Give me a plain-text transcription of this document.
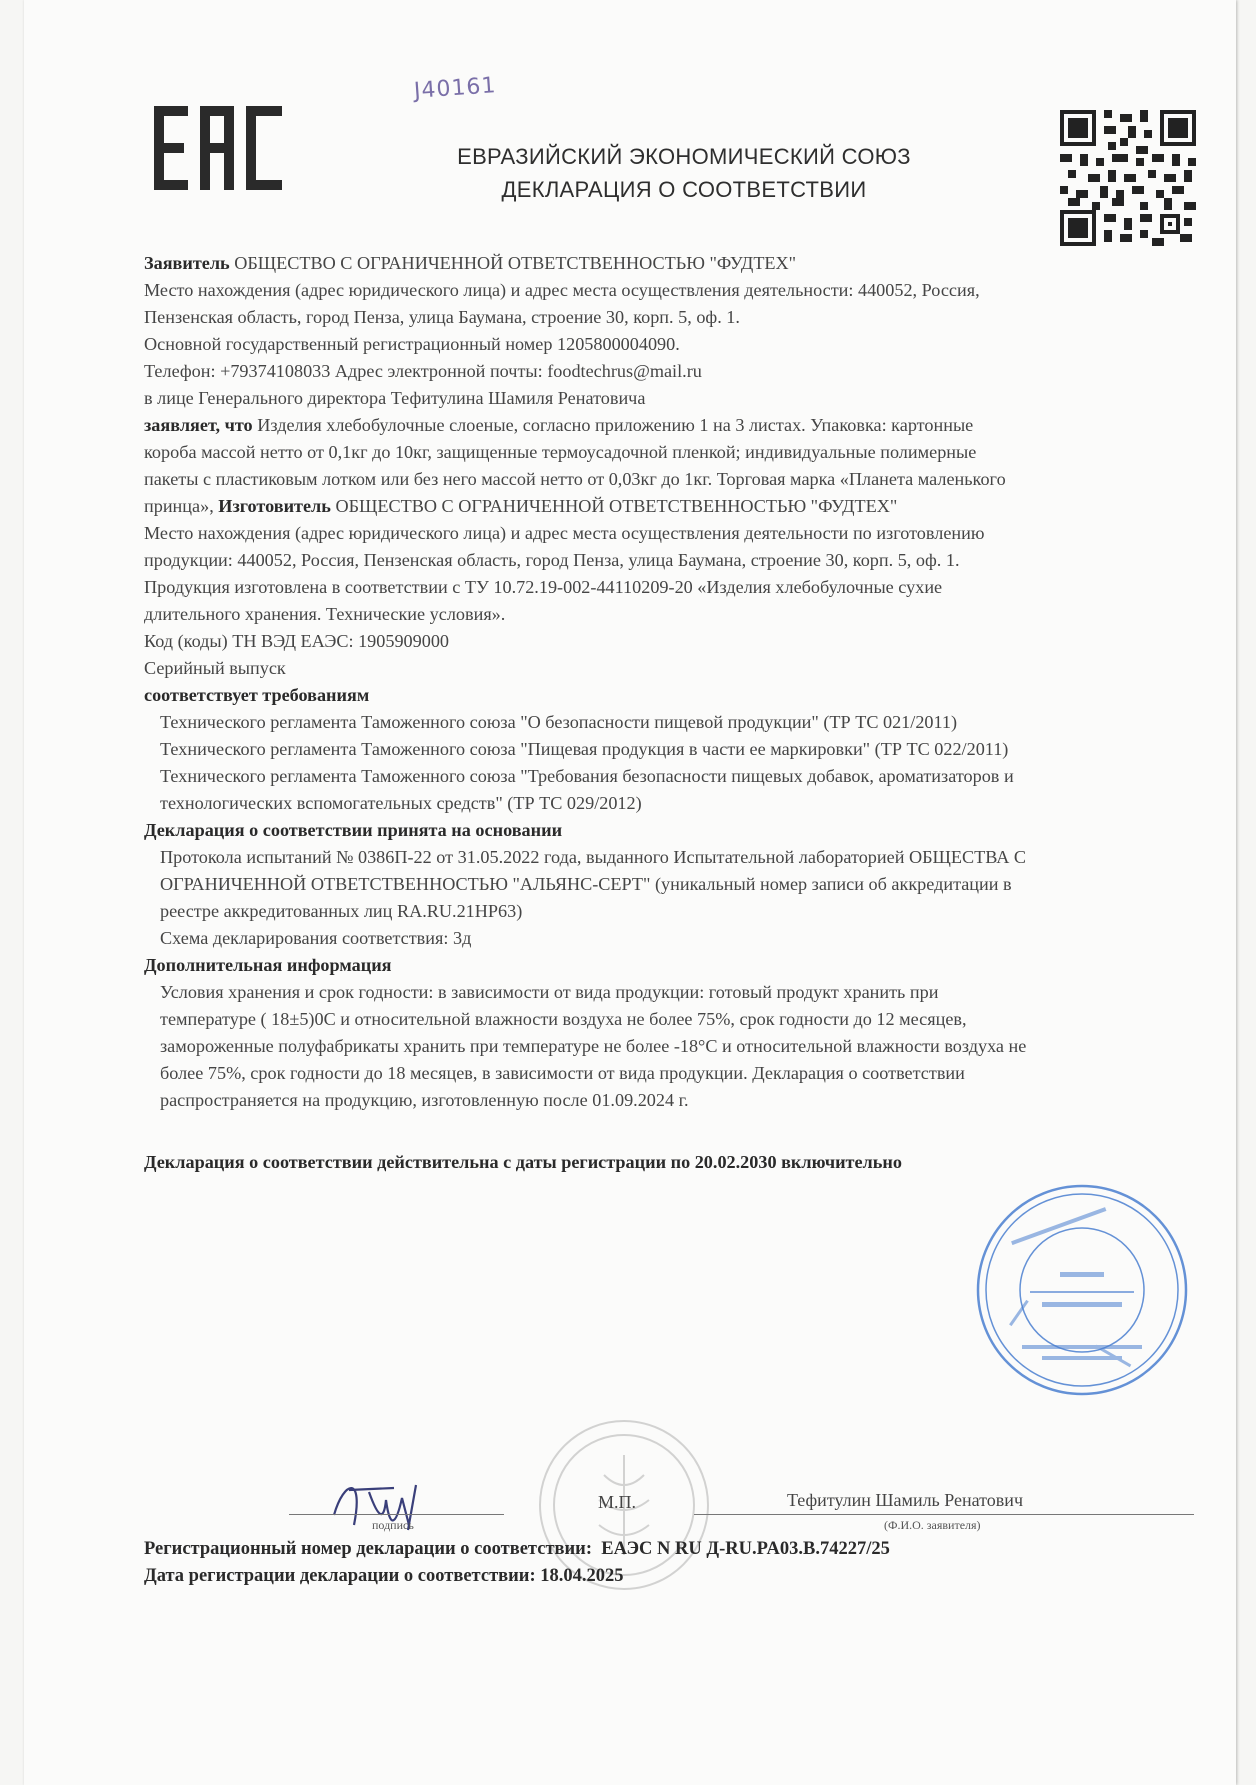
J40161
ЕВРАЗИЙСКИЙ ЭКОНОМИЧЕСКИЙ СОЮЗ
ДЕКЛАРАЦИЯ О СООТВЕТСТВИИ

Заявитель ОБЩЕСТВО С ОГРАНИЧЕННОЙ ОТВЕТСТВЕННОСТЬЮ "ФУДТЕХ"

Место нахождения (адрес юридического лица) и адрес места осуществления деятельности: 440052, Россия,

Пензенская область, город Пенза, улица Баумана, строение 30, корп. 5, оф. 1.

Основной государственный регистрационный номер 1205800004090.

Телефон: +79374108033 Адрес электронной почты: foodtechrus@mail.ru

в лице Генерального директора Тефитулина Шамиля Ренатовича

заявляет, что Изделия хлебобулочные слоеные, согласно приложению 1 на 3 листах. Упаковка: картонные

короба массой нетто от 0,1кг до 10кг, защищенные термоусадочной пленкой; индивидуальные полимерные

пакеты с пластиковым лотком или без него массой нетто от 0,03кг до 1кг. Торговая марка «Планета маленького

принца», Изготовитель ОБЩЕСТВО С ОГРАНИЧЕННОЙ ОТВЕТСТВЕННОСТЬЮ "ФУДТЕХ"

Место нахождения (адрес юридического лица) и адрес места осуществления деятельности по изготовлению

продукции: 440052, Россия, Пензенская область, город Пенза, улица Баумана, строение 30, корп. 5, оф. 1.

Продукция изготовлена в соответствии с ТУ 10.72.19-002-44110209-20 «Изделия хлебобулочные сухие

длительного хранения. Технические условия».

Код (коды) ТН ВЭД ЕАЭС: 1905909000

Серийный выпуск

соответствует требованиям

Технического регламента Таможенного союза "О безопасности пищевой продукции" (ТР ТС 021/2011)

Технического регламента Таможенного союза "Пищевая продукция в части ее маркировки" (ТР ТС 022/2011)

Технического регламента Таможенного союза "Требования безопасности пищевых добавок, ароматизаторов и

технологических вспомогательных средств" (ТР ТС 029/2012)

Декларация о соответствии принята на основании

Протокола испытаний № 0386П-22 от 31.05.2022 года, выданного Испытательной лабораторией ОБЩЕСТВА С

ОГРАНИЧЕННОЙ ОТВЕТСТВЕННОСТЬЮ "АЛЬЯНС-СЕРТ" (уникальный номер записи об аккредитации в

реестре аккредитованных лиц RA.RU.21НР63)

Схема декларирования соответствия: 3д

Дополнительная информация

Условия хранения и срок годности: в зависимости от вида продукции: готовый продукт хранить при

температуре ( 18±5)0С и относительной влажности воздуха не более 75%, срок годности до 12 месяцев,

замороженные полуфабрикаты хранить при температуре не более -18°С и относительной влажности воздуха не

более 75%, срок годности до 18 месяцев, в зависимости от вида продукции. Декларация о соответствии

распространяется на продукцию, изготовленную после 01.09.2024 г.

Декларация о соответствии действительна с даты регистрации по 20.02.2030 включительно

подпись
М.П.	Тефитулин Шамиль Ренатович
(Ф.И.О. заявителя)
Регистрационный номер декларации о соответствии: ЕАЭС N RU Д-RU.PA03.B.74227/25
Дата регистрации декларации о соответствии: 18.04.2025
